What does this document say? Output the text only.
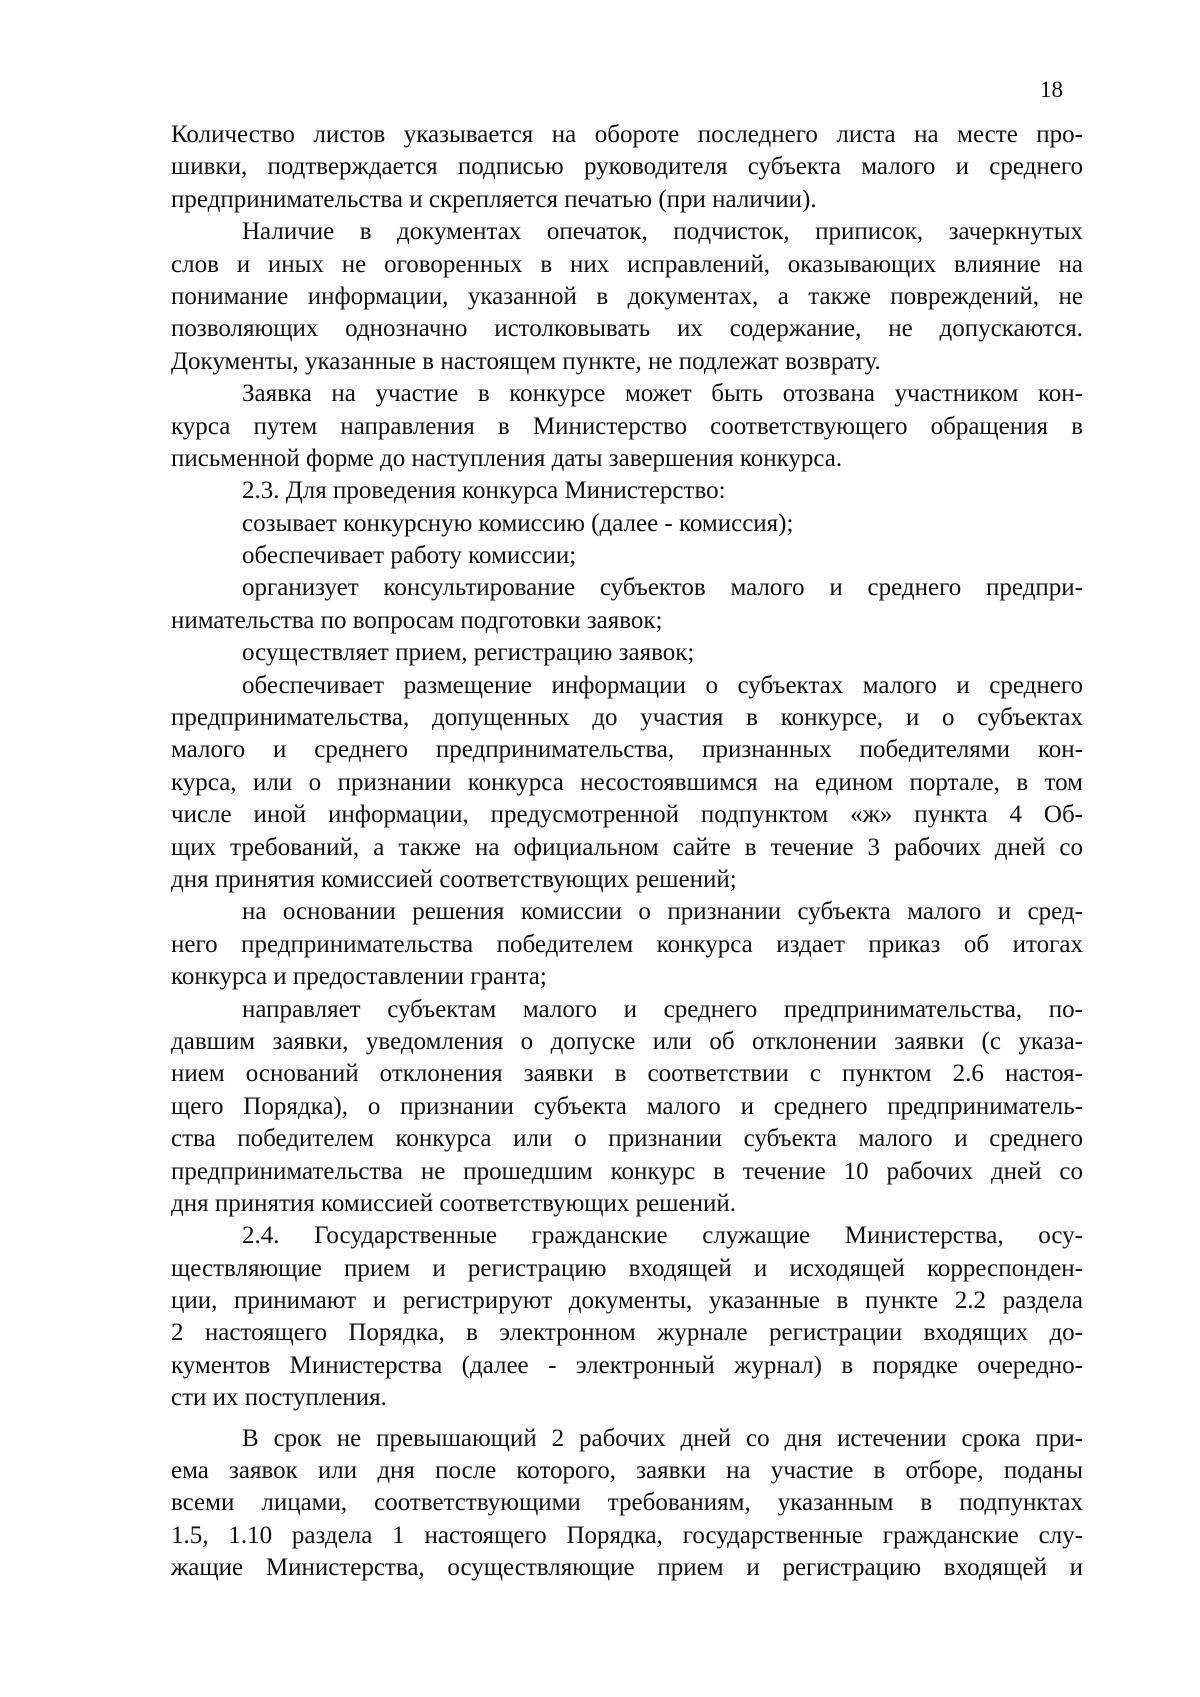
18
Количество листов указывается на обороте последнего листа на месте про-
шивки, подтверждается подписью руководителя субъекта малого и среднего
предпринимательства и скрепляется печатью (при наличии).
Наличие в документах опечаток, подчисток, приписок, зачеркнутых
слов и иных не оговоренных в них исправлений, оказывающих влияние на
понимание информации, указанной в документах, а также повреждений, не
позволяющих однозначно истолковывать их содержание, не допускаются.
Документы, указанные в настоящем пункте, не подлежат возврату.
Заявка на участие в конкурсе может быть отозвана участником кон-
курса путем направления в Министерство соответствующего обращения в
письменной форме до наступления даты завершения конкурса.
2.3. Для проведения конкурса Министерство:
созывает конкурсную комиссию (далее - комиссия);
обеспечивает работу комиссии;
организует консультирование субъектов малого и среднего предпри-
нимательства по вопросам подготовки заявок;
осуществляет прием, регистрацию заявок;
обеспечивает размещение информации о субъектах малого и среднего
предпринимательства, допущенных до участия в конкурсе, и о субъектах
малого и среднего предпринимательства, признанных победителями кон-
курса, или о признании конкурса несостоявшимся на едином портале, в том
числе иной информации, предусмотренной подпунктом «ж» пункта 4 Об-
щих требований, а также на официальном сайте в течение 3 рабочих дней со
дня принятия комиссией соответствующих решений;
на основании решения комиссии о признании субъекта малого и сред-
него предпринимательства победителем конкурса издает приказ об итогах
конкурса и предоставлении гранта;
направляет субъектам малого и среднего предпринимательства, по-
давшим заявки, уведомления о допуске или об отклонении заявки (с указа-
нием оснований отклонения заявки в соответствии с пунктом 2.6 настоя-
щего Порядка), о признании субъекта малого и среднего предприниматель-
ства победителем конкурса или о признании субъекта малого и среднего
предпринимательства не прошедшим конкурс в течение 10 рабочих дней со
дня принятия комиссией соответствующих решений.
2.4. Государственные гражданские служащие Министерства, осу-
ществляющие прием и регистрацию входящей и исходящей корреспонден-
ции, принимают и регистрируют документы, указанные в пункте 2.2 раздела
2 настоящего Порядка, в электронном журнале регистрации входящих до-
кументов Министерства (далее - электронный журнал) в порядке очередно-
сти их поступления.
В срок не превышающий 2 рабочих дней со дня истечении срока при-
ема заявок или дня после которого, заявки на участие в отборе, поданы
всеми лицами, соответствующими требованиям, указанным в подпунктах
1.5, 1.10 раздела 1 настоящего Порядка, государственные гражданские слу-
жащие Министерства, осуществляющие прием и регистрацию входящей и
